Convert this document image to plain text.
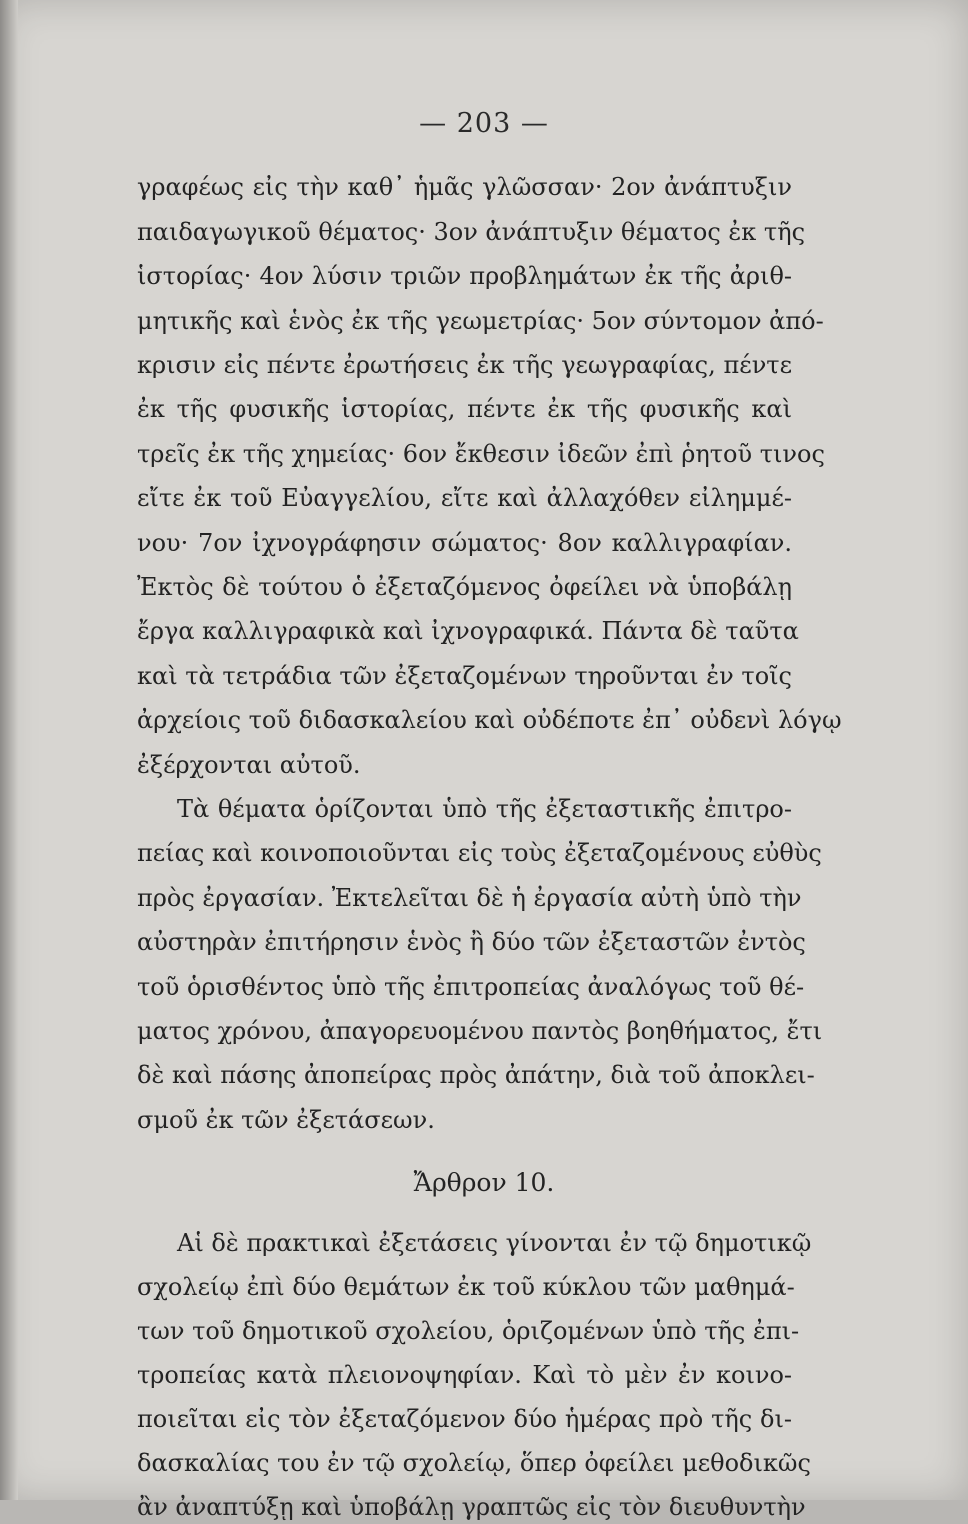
— 203 —
γραφέως εἰς τὴν καθ᾽ ἡμᾶς γλῶσσαν· 2ον ἀνάπτυξιν
παιδαγωγικοῦ θέματος· 3ον ἀνάπτυξιν θέματος ἐκ τῆς
ἱστορίας· 4ον λύσιν τριῶν προβλημάτων ἐκ τῆς ἀριθ-
μητικῆς καὶ ἑνὸς ἐκ τῆς γεωμετρίας· 5ον σύντομον ἀπό-
κρισιν εἰς πέντε ἐρωτήσεις ἐκ τῆς γεωγραφίας, πέντε
ἐκ τῆς φυσικῆς ἱστορίας, πέντε ἐκ τῆς φυσικῆς καὶ
τρεῖς ἐκ τῆς χημείας· 6ον ἔκθεσιν ἰδεῶν ἐπὶ ῥητοῦ τινος
εἴτε ἐκ τοῦ Εὐαγγελίου, εἴτε καὶ ἀλλαχόθεν εἰλημμέ-
νου· 7ον ἰχνογράφησιν σώματος· 8ον καλλιγραφίαν.
Ἐκτὸς δὲ τούτου ὁ ἐξεταζόμενος ὀφείλει νὰ ὑποβάλῃ
ἔργα καλλιγραφικὰ καὶ ἰχνογραφικά. Πάντα δὲ ταῦτα
καὶ τὰ τετράδια τῶν ἐξεταζομένων τηροῦνται ἐν τοῖς
ἀρχείοις τοῦ διδασκαλείου καὶ οὐδέποτε ἐπ᾽ οὐδενὶ λόγῳ
ἐξέρχονται αὐτοῦ.
Τὰ θέματα ὁρίζονται ὑπὸ τῆς ἐξεταστικῆς ἐπιτρο-
πείας καὶ κοινοποιοῦνται εἰς τοὺς ἐξεταζομένους εὐθὺς
πρὸς ἐργασίαν. Ἐκτελεῖται δὲ ἡ ἐργασία αὐτὴ ὑπὸ τὴν
αὐστηρὰν ἐπιτήρησιν ἑνὸς ἢ δύο τῶν ἐξεταστῶν ἐντὸς
τοῦ ὁρισθέντος ὑπὸ τῆς ἐπιτροπείας ἀναλόγως τοῦ θέ-
ματος χρόνου, ἀπαγορευομένου παντὸς βοηθήματος, ἔτι
δὲ καὶ πάσης ἀποπείρας πρὸς ἀπάτην, διὰ τοῦ ἀποκλει-
σμοῦ ἐκ τῶν ἐξετάσεων.
Ἄρθρον 10.
Αἱ δὲ πρακτικαὶ ἐξετάσεις γίνονται ἐν τῷ δημοτικῷ
σχολείῳ ἐπὶ δύο θεμάτων ἐκ τοῦ κύκλου τῶν μαθημά-
των τοῦ δημοτικοῦ σχολείου, ὁριζομένων ὑπὸ τῆς ἐπι-
τροπείας κατὰ πλειονοψηφίαν. Καὶ τὸ μὲν ἐν κοινο-
ποιεῖται εἰς τὸν ἐξεταζόμενον δύο ἡμέρας πρὸ τῆς δι-
δασκαλίας του ἐν τῷ σχολείῳ, ὅπερ ὀφείλει μεθοδικῶς
ἂν ἀναπτύξῃ καὶ ὑποβάλῃ γραπτῶς εἰς τὸν διευθυντὴν
